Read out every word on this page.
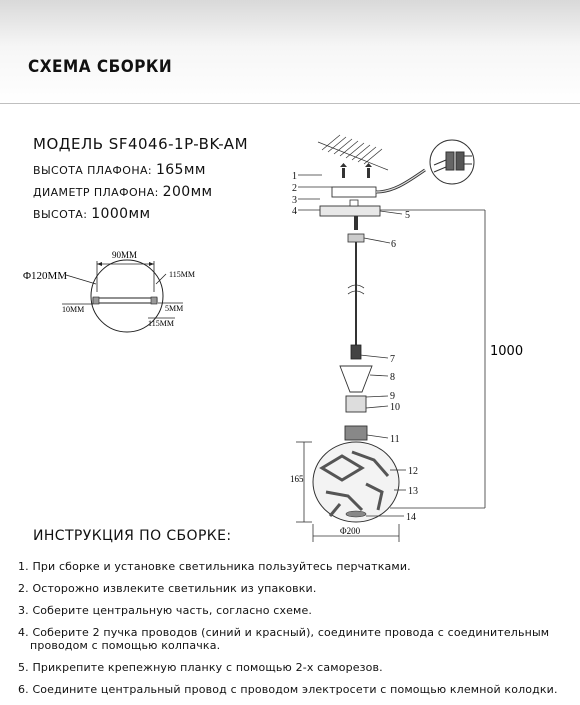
СХЕМА СБОРКИ
МОДЕЛЬ SF4046-1P-BK-AM
ВЫСОТА ПЛАФОНА: 165мм
ДИАМЕТР ПЛАФОНА: 200мм
ВЫСОТА: 1000мм
90MM
Φ120MM	115MM
10MM	5MM
115MM
1
2
3
4	5
6
7
8
9
10
11
12
13
14
1000
165
Φ200
ИНСТРУКЦИЯ ПО СБОРКЕ:
1. При сборке и установке светильника пользуйтесь перчатками.
2. Осторожно извлеките светильник из упаковки.
3. Соберите центральную часть, согласно схеме.
4. Соберите 2 пучка проводов (синий и красный), соедините провода с соединительным
проводом с помощью колпачка.
5. Прикрепите крепежную планку с помощью 2-х саморезов.
6. Соедините центральный провод с проводом электросети с помощью клемной колодки.
